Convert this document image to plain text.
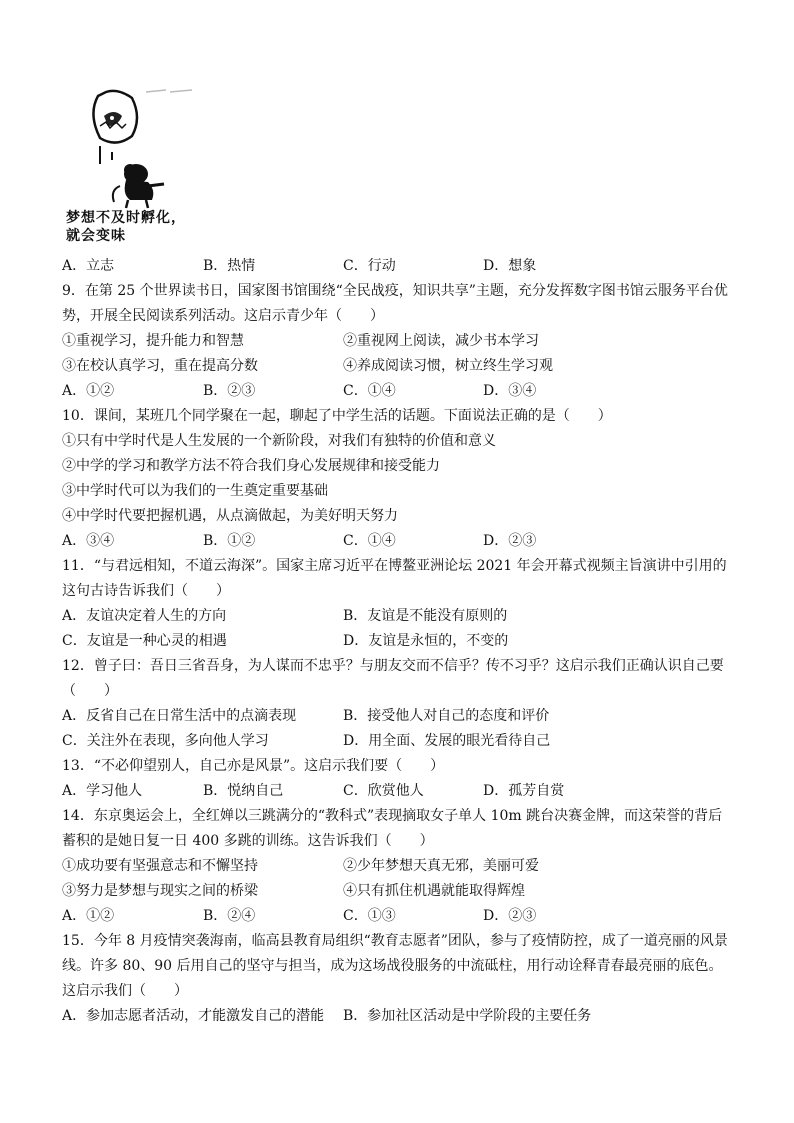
梦想不及时孵化，
就会变味
A．立志	B．热情	C．行动	D．想象
9．在第 25 个世界读书日，国家图书馆围绕“全民战疫，知识共享”主题，充分发挥数字图书馆云服务平台优势，开展全民阅读系列活动。这启示青少年（　　）
①重视学习，提升能力和智慧	②重视网上阅读，减少书本学习
③在校认真学习，重在提高分数	④养成阅读习惯，树立终生学习观
A．①②	B．②③	C．①④	D．③④
10．课间，某班几个同学聚在一起，聊起了中学生活的话题。下面说法正确的是（　　）
①只有中学时代是人生发展的一个新阶段，对我们有独特的价值和意义
②中学的学习和教学方法不符合我们身心发展规律和接受能力
③中学时代可以为我们的一生奠定重要基础
④中学时代要把握机遇，从点滴做起，为美好明天努力
A．③④	B．①②	C．①④	D．②③
11．“与君远相知，不道云海深”。国家主席习近平在博鳌亚洲论坛 2021 年会开幕式视频主旨演讲中引用的这句古诗告诉我们（　　）
A．友谊决定着人生的方向	B．友谊是不能没有原则的
C．友谊是一种心灵的相遇	D．友谊是永恒的，不变的
12．曾子曰：吾日三省吾身，为人谋而不忠乎？与朋友交而不信乎？传不习乎？这启示我们正确认识自己要（　　）
A．反省自己在日常生活中的点滴表现	B．接受他人对自己的态度和评价
C．关注外在表现，多向他人学习	D．用全面、发展的眼光看待自己
13．“不必仰望别人，自己亦是风景”。这启示我们要（　　）
A．学习他人	B．悦纳自己	C．欣赏他人	D．孤芳自赏
14．东京奥运会上，全红婵以三跳满分的“教科式”表现摘取女子单人 10m 跳台决赛金牌，而这荣誉的背后蓄积的是她日复一日 400 多跳的训练。这告诉我们（　　）
①成功要有坚强意志和不懈坚持	②少年梦想天真无邪，美丽可爱
③努力是梦想与现实之间的桥梁	④只有抓住机遇就能取得辉煌
A．①②	B．②④	C．①③	D．②③
15．今年 8 月疫情突袭海南，临高县教育局组织“教育志愿者”团队，参与了疫情防控，成了一道亮丽的风景线。许多 80、90 后用自己的坚守与担当，成为这场战役服务的中流砥柱，用行动诠释青春最亮丽的底色。这启示我们（　　）
A．参加志愿者活动，才能激发自己的潜能 B．参加社区活动是中学阶段的主要任务
